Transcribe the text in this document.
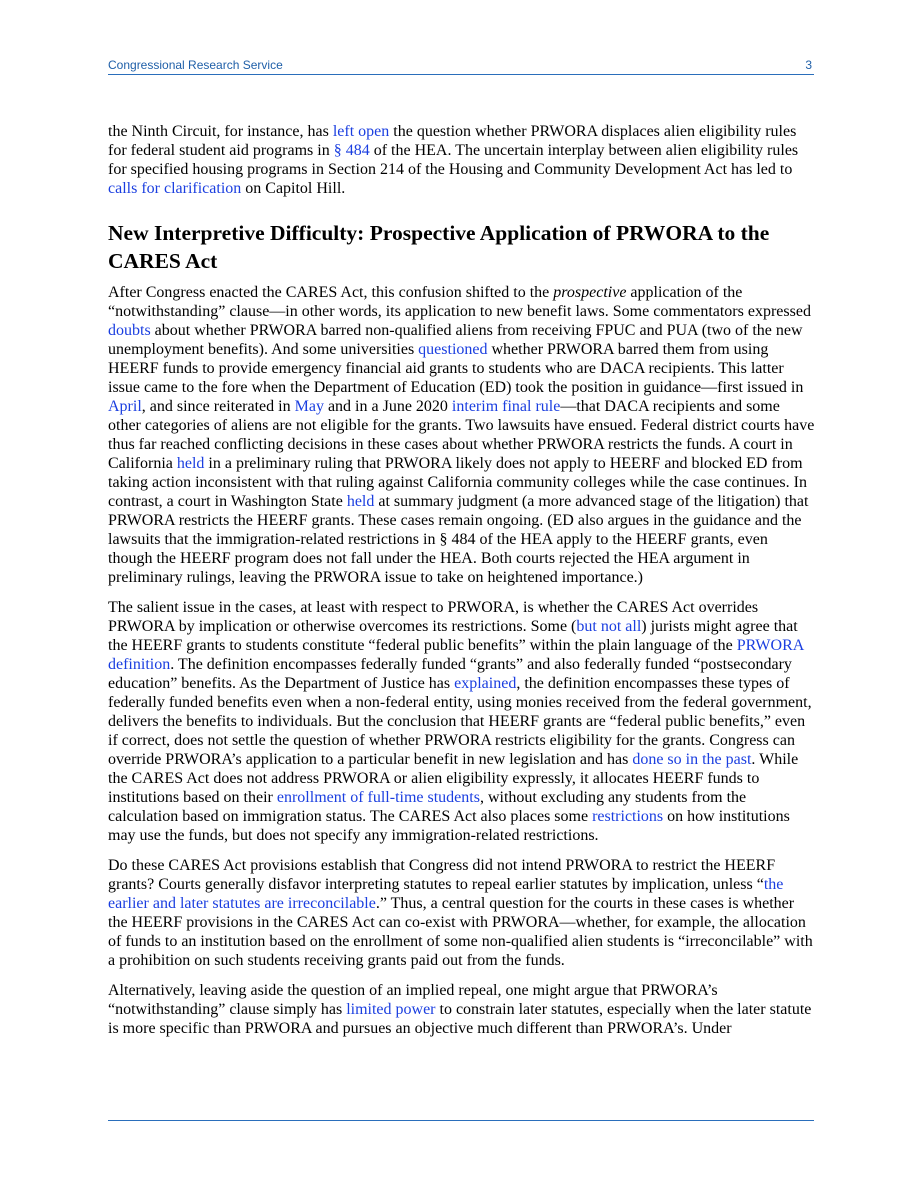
Congressional Research Service	3

the Ninth Circuit, for instance, has left open the question whether PRWORA displaces alien eligibility rules for federal student aid programs in § 484 of the HEA. The uncertain interplay between alien eligibility rules for specified housing programs in Section 214 of the Housing and Community Development Act has led to calls for clarification on Capitol Hill.

New Interpretive Difficulty: Prospective Application of PRWORA to the CARES Act

After Congress enacted the CARES Act, this confusion shifted to the prospective application of the “notwithstanding” clause—in other words, its application to new benefit laws. Some commentators expressed doubts about whether PRWORA barred non-qualified aliens from receiving FPUC and PUA (two of the new unemployment benefits). And some universities questioned whether PRWORA barred them from using HEERF funds to provide emergency financial aid grants to students who are DACA recipients. This latter issue came to the fore when the Department of Education (ED) took the position in guidance—first issued in April, and since reiterated in May and in a June 2020 interim final rule—that DACA recipients and some other categories of aliens are not eligible for the grants. Two lawsuits have ensued. Federal district courts have thus far reached conflicting decisions in these cases about whether PRWORA restricts the funds. A court in California held in a preliminary ruling that PRWORA likely does not apply to HEERF and blocked ED from taking action inconsistent with that ruling against California community colleges while the case continues. In contrast, a court in Washington State held at summary judgment (a more advanced stage of the litigation) that PRWORA restricts the HEERF grants. These cases remain ongoing. (ED also argues in the guidance and the lawsuits that the immigration-related restrictions in § 484 of the HEA apply to the HEERF grants, even though the HEERF program does not fall under the HEA. Both courts rejected the HEA argument in preliminary rulings, leaving the PRWORA issue to take on heightened importance.)

The salient issue in the cases, at least with respect to PRWORA, is whether the CARES Act overrides PRWORA by implication or otherwise overcomes its restrictions. Some (but not all) jurists might agree that the HEERF grants to students constitute “federal public benefits” within the plain language of the PRWORA definition. The definition encompasses federally funded “grants” and also federally funded “postsecondary education” benefits. As the Department of Justice has explained, the definition encompasses these types of federally funded benefits even when a non-federal entity, using monies received from the federal government, delivers the benefits to individuals. But the conclusion that HEERF grants are “federal public benefits,” even if correct, does not settle the question of whether PRWORA restricts eligibility for the grants. Congress can override PRWORA’s application to a particular benefit in new legislation and has done so in the past. While the CARES Act does not address PRWORA or alien eligibility expressly, it allocates HEERF funds to institutions based on their enrollment of full-time students, without excluding any students from the calculation based on immigration status. The CARES Act also places some restrictions on how institutions may use the funds, but does not specify any immigration-related restrictions.

Do these CARES Act provisions establish that Congress did not intend PRWORA to restrict the HEERF grants? Courts generally disfavor interpreting statutes to repeal earlier statutes by implication, unless “the earlier and later statutes are irreconcilable.” Thus, a central question for the courts in these cases is whether the HEERF provisions in the CARES Act can co-exist with PRWORA—whether, for example, the allocation of funds to an institution based on the enrollment of some non-qualified alien students is “irreconcilable” with a prohibition on such students receiving grants paid out from the funds.

Alternatively, leaving aside the question of an implied repeal, one might argue that PRWORA’s “notwithstanding” clause simply has limited power to constrain later statutes, especially when the later statute is more specific than PRWORA and pursues an objective much different than PRWORA’s. Under
